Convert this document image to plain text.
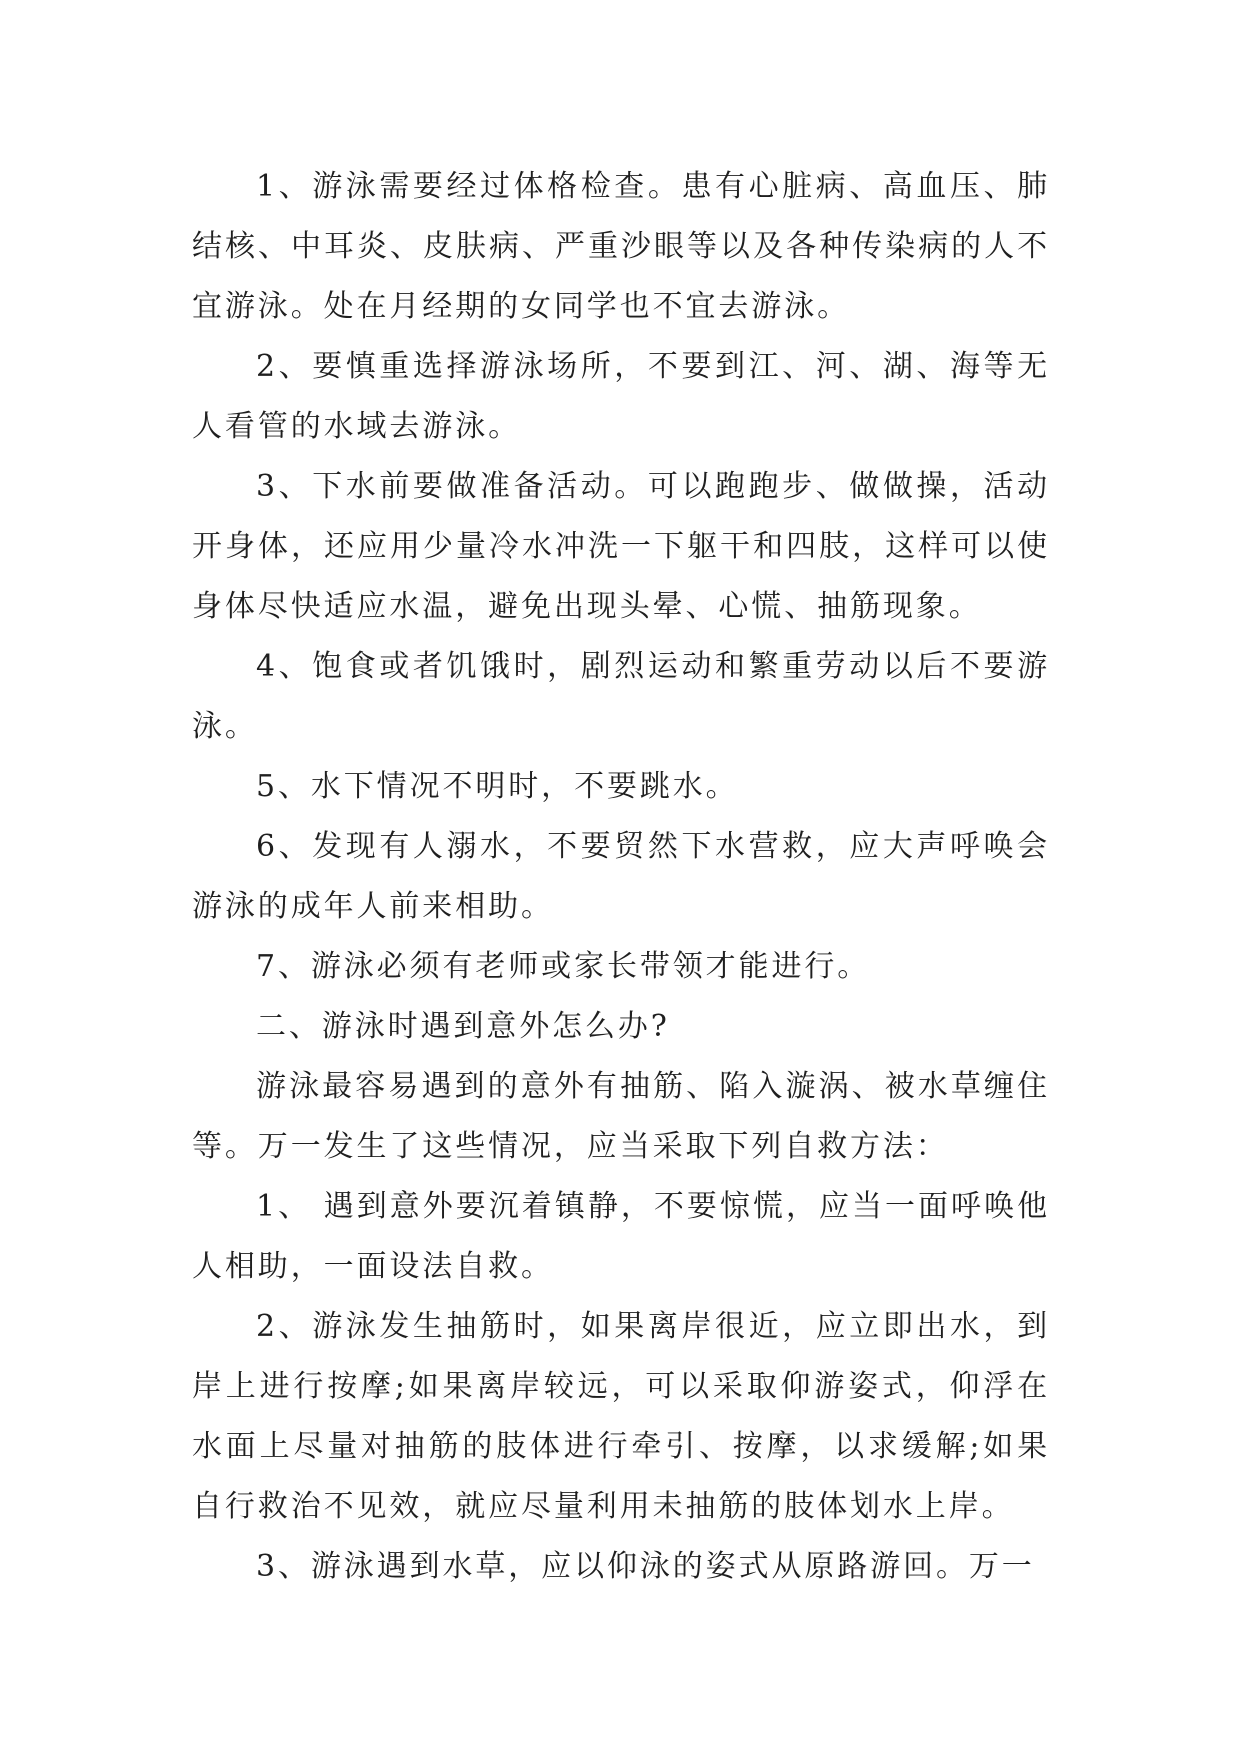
1、游泳需要经过体格检查。患有心脏病、高血压、肺结核、中耳炎、皮肤病、严重沙眼等以及各种传染病的人不宜游泳。处在月经期的女同学也不宜去游泳。

2、要慎重选择游泳场所，不要到江、河、湖、海等无人看管的水域去游泳。

3、下水前要做准备活动。可以跑跑步、做做操，活动开身体，还应用少量冷水冲洗一下躯干和四肢，这样可以使身体尽快适应水温，避免出现头晕、心慌、抽筋现象。

4、饱食或者饥饿时，剧烈运动和繁重劳动以后不要游泳。

5、水下情况不明时，不要跳水。

6、发现有人溺水，不要贸然下水营救，应大声呼唤会游泳的成年人前来相助。

7、游泳必须有老师或家长带领才能进行。

二、游泳时遇到意外怎么办?

游泳最容易遇到的意外有抽筋、陷入漩涡、被水草缠住等。万一发生了这些情况，应当采取下列自救方法：

1、 遇到意外要沉着镇静，不要惊慌，应当一面呼唤他人相助，一面设法自救。

2、游泳发生抽筋时，如果离岸很近，应立即出水，到岸上进行按摩;如果离岸较远，可以采取仰游姿式，仰浮在水面上尽量对抽筋的肢体进行牵引、按摩，以求缓解;如果自行救治不见效，就应尽量利用未抽筋的肢体划水上岸。

3、游泳遇到水草，应以仰泳的姿式从原路游回。万一
